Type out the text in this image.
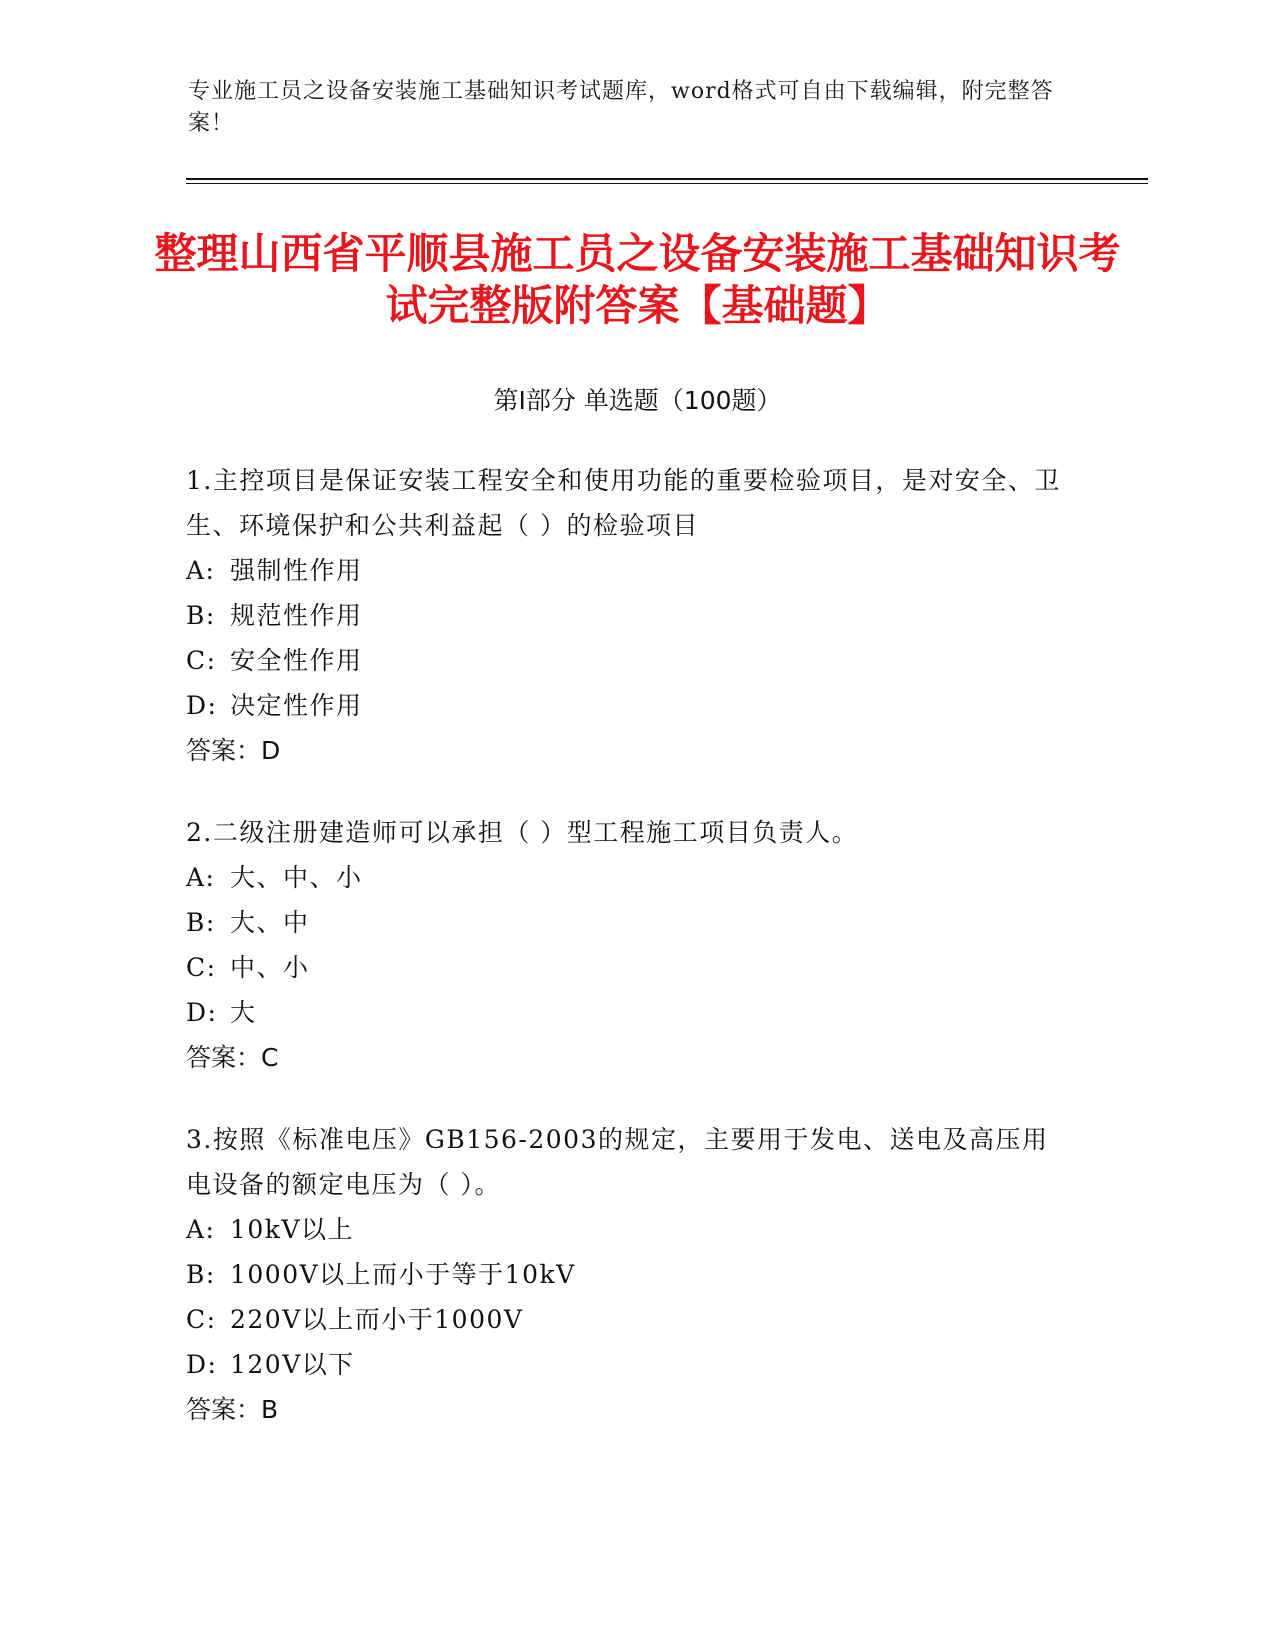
专业施工员之设备安装施工基础知识考试题库，word格式可自由下载编辑，附完整答案！
整理山西省平顺县施工员之设备安装施工基础知识考试完整版附答案【基础题】
第Ⅰ部分 单选题（100题）
1.主控项目是保证安装工程安全和使用功能的重要检验项目，是对安全、卫生、环境保护和公共利益起（ ）的检验项目
A: 强制性作用
B: 规范性作用
C: 安全性作用
D: 决定性作用
答案：D
2.二级注册建造师可以承担（ ）型工程施工项目负责人。
A: 大、中、小
B: 大、中
C: 中、小
D: 大
答案：C
3.按照《标准电压》GB156-2003的规定，主要用于发电、送电及高压用电设备的额定电压为（ ）。
A: 10kV以上
B: 1000V以上而小于等于10kV
C: 220V以上而小于1000V
D: 120V以下
答案：B
